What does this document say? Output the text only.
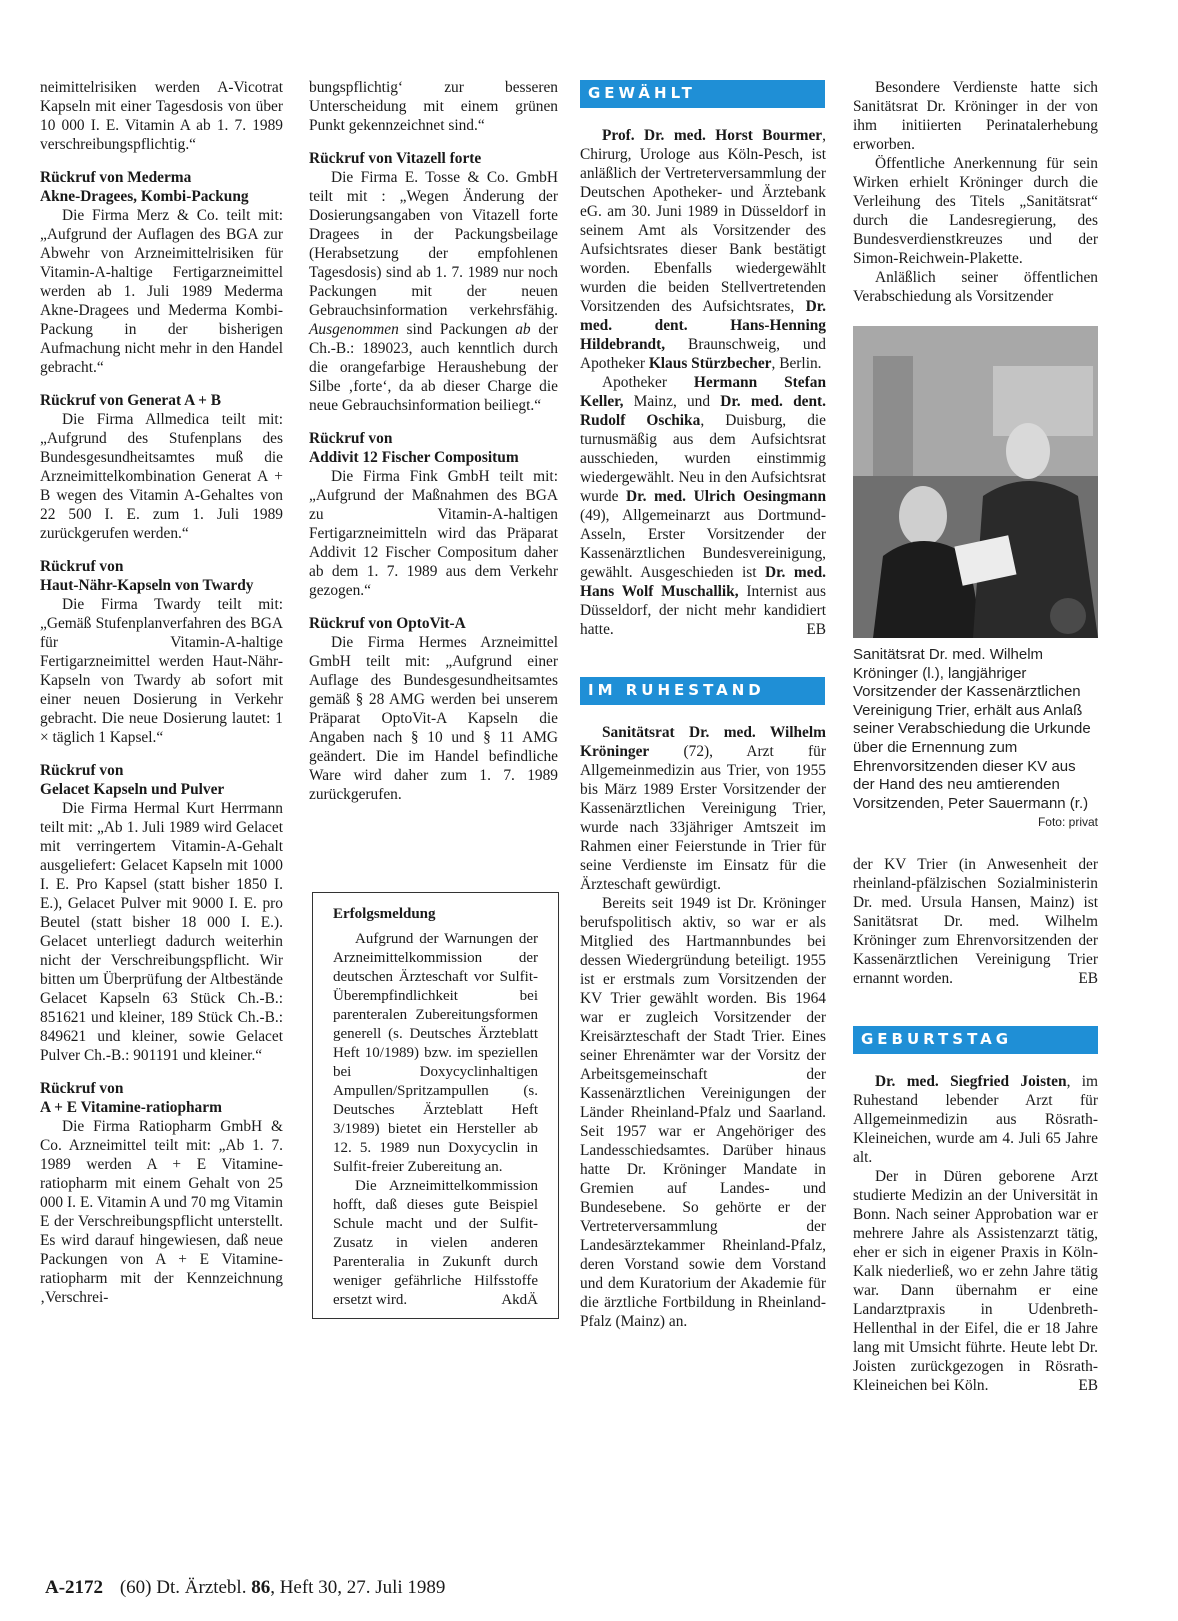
neimittelrisiken werden A-Vicotrat Kapseln mit einer Tagesdosis von über 10 000 I. E. Vitamin A ab 1. 7. 1989 verschreibungspflichtig.“

Rückruf von Mederma

Akne-Dragees, Kombi-Packung

Die Firma Merz & Co. teilt mit: „Aufgrund der Auflagen des BGA zur Abwehr von Arzneimittelrisiken für Vitamin-A-haltige Fertigarzneimittel werden ab 1. Juli 1989 Mederma Akne-Dragees und Mederma Kombi-Packung in der bisherigen Aufmachung nicht mehr in den Handel gebracht.“

Rückruf von Generat A + B

Die Firma Allmedica teilt mit: „Aufgrund des Stufenplans des Bundesgesundheitsamtes muß die Arzneimittelkombination Generat A + B wegen des Vitamin A-Gehaltes von 22 500 I. E. zum 1. Juli 1989 zurückgerufen werden.“

Rückruf von

Haut-Nähr-Kapseln von Twardy

Die Firma Twardy teilt mit: „Gemäß Stufenplanverfahren des BGA für Vitamin-A-haltige Fertigarzneimittel werden Haut-Nähr-Kapseln von Twardy ab sofort mit einer neuen Dosierung in Verkehr gebracht. Die neue Dosierung lautet: 1 × täglich 1 Kapsel.“

Rückruf von

Gelacet Kapseln und Pulver

Die Firma Hermal Kurt Herrmann teilt mit: „Ab 1. Juli 1989 wird Gelacet mit verringertem Vitamin-A-Gehalt ausgeliefert: Gelacet Kapseln mit 1000 I. E. Pro Kapsel (statt bisher 1850 I. E.), Gelacet Pulver mit 9000 I. E. pro Beutel (statt bisher 18 000 I. E.). Gelacet unterliegt dadurch weiterhin nicht der Verschreibungspflicht. Wir bitten um Überprüfung der Altbestände Gelacet Kapseln 63 Stück Ch.-B.: 851621 und kleiner, 189 Stück Ch.-B.: 849621 und kleiner, sowie Gelacet Pulver Ch.-B.: 901191 und kleiner.“

Rückruf von

A + E Vitamine-ratiopharm

Die Firma Ratiopharm GmbH & Co. Arzneimittel teilt mit: „Ab 1. 7. 1989 werden A + E Vitamine-ratiopharm mit einem Gehalt von 25 000 I. E. Vitamin A und 70 mg Vitamin E der Verschreibungspflicht unterstellt. Es wird darauf hingewiesen, daß neue Packungen von A + E Vitamine-ratiopharm mit der Kennzeichnung ‚Verschrei-

bungspflichtig‘ zur besseren Unterscheidung mit einem grünen Punkt gekennzeichnet sind.“

Rückruf von Vitazell forte

Die Firma E. Tosse & Co. GmbH teilt mit : „Wegen Änderung der Dosierungsangaben von Vitazell forte Dragees in der Packungsbeilage (Herabsetzung der empfohlenen Tagesdosis) sind ab 1. 7. 1989 nur noch Packungen mit der neuen Gebrauchsinformation verkehrsfähig. Ausgenommen sind Packungen ab der Ch.-B.: 189023, auch kenntlich durch die orangefarbige Heraushebung der Silbe ‚forte‘, da ab dieser Charge die neue Gebrauchsinformation beiliegt.“

Rückruf von

Addivit 12 Fischer Compositum

Die Firma Fink GmbH teilt mit: „Aufgrund der Maßnahmen des BGA zu Vitamin-A-haltigen Fertigarzneimitteln wird das Präparat Addivit 12 Fischer Compositum daher ab dem 1. 7. 1989 aus dem Verkehr gezogen.“

Rückruf von OptoVit-A

Die Firma Hermes Arzneimittel GmbH teilt mit: „Aufgrund einer Auflage des Bundesgesundheitsamtes gemäß § 28 AMG werden bei unserem Präparat OptoVit-A Kapseln die Angaben nach § 10 und § 11 AMG geändert. Die im Handel befindliche Ware wird daher zum 1. 7. 1989 zurückgerufen.

Erfolgsmeldung

Aufgrund der Warnungen der Arzneimittelkommission der deutschen Ärzteschaft vor Sulfit-Überempfindlichkeit bei parenteralen Zubereitungsformen generell (s. Deutsches Ärzteblatt Heft 10/1989) bzw. im speziellen bei Doxycyclinhaltigen Ampullen/Spritzampullen (s. Deutsches Ärzteblatt Heft 3/1989) bietet ein Hersteller ab 12. 5. 1989 nun Doxycyclin in Sulfit-freier Zubereitung an.

Die Arzneimittelkommission hofft, daß dieses gute Beispiel Schule macht und der Sulfit-Zusatz in vielen anderen Parenteralia in Zukunft durch weniger gefährliche Hilfsstoffe ersetzt wird.	AkdÄ

GEWÄHLT

Prof. Dr. med. Horst Bourmer, Chirurg, Urologe aus Köln-Pesch, ist anläßlich der Vertreterversammlung der Deutschen Apotheker- und Ärztebank eG. am 30. Juni 1989 in Düsseldorf in seinem Amt als Vorsitzender des Aufsichtsrates dieser Bank bestätigt worden. Ebenfalls wiedergewählt wurden die beiden Stellvertretenden Vorsitzenden des Aufsichtsrates, Dr. med. dent. Hans-Henning Hildebrandt, Braunschweig, und Apotheker Klaus Stürzbecher, Berlin.

Apotheker Hermann Stefan Keller, Mainz, und Dr. med. dent. Rudolf Oschika, Duisburg, die turnusmäßig aus dem Aufsichtsrat ausschieden, wurden einstimmig wiedergewählt. Neu in den Aufsichtsrat wurde Dr. med. Ulrich Oesingmann (49), Allgemeinarzt aus Dortmund-Asseln, Erster Vorsitzender der Kassenärztlichen Bundesvereinigung, gewählt. Ausgeschieden ist Dr. med. Hans Wolf Muschallik, Internist aus Düsseldorf, der nicht mehr kandidiert hatte.	EB

IM RUHESTAND

Sanitätsrat Dr. med. Wilhelm Kröninger (72), Arzt für Allgemeinmedizin aus Trier, von 1955 bis März 1989 Erster Vorsitzender der Kassenärztlichen Vereinigung Trier, wurde nach 33jähriger Amtszeit im Rahmen einer Feierstunde in Trier für seine Verdienste im Einsatz für die Ärzteschaft gewürdigt.

Bereits seit 1949 ist Dr. Kröninger berufspolitisch aktiv, so war er als Mitglied des Hartmannbundes bei dessen Wiedergründung beteiligt. 1955 ist er erstmals zum Vorsitzenden der KV Trier gewählt worden. Bis 1964 war er zugleich Vorsitzender der Kreisärzteschaft der Stadt Trier. Eines seiner Ehrenämter war der Vorsitz der Arbeitsgemeinschaft der Kassenärztlichen Vereinigungen der Länder Rheinland-Pfalz und Saarland. Seit 1957 war er Angehöriger des Landesschiedsamtes. Darüber hinaus hatte Dr. Kröninger Mandate in Gremien auf Landes- und Bundesebene. So gehörte er der Vertreterversammlung der Landesärztekammer Rheinland-Pfalz, deren Vorstand sowie dem Vorstand und dem Kuratorium der Akademie für die ärztliche Fortbildung in Rheinland-Pfalz (Mainz) an.

Besondere Verdienste hatte sich Sanitätsrat Dr. Kröninger in der von ihm initiierten Perinatalerhebung erworben.

Öffentliche Anerkennung für sein Wirken erhielt Kröninger durch die Verleihung des Titels „Sanitätsrat“ durch die Landesregierung, des Bundesverdienstkreuzes und der Simon-Reichwein-Plakette.

Anläßlich seiner öffentlichen Verabschiedung als Vorsitzender

Sanitätsrat Dr. med. Wilhelm Kröninger (l.), langjähriger Vorsitzender der Kassenärztlichen Vereinigung Trier, erhält aus Anlaß seiner Verabschiedung die Urkunde über die Ernennung zum Ehrenvorsitzenden dieser KV aus der Hand des neu amtierenden Vorsitzenden, Peter Sauermann (r.)
Foto: privat

der KV Trier (in Anwesenheit der rheinland-pfälzischen Sozialministerin Dr. med. Ursula Hansen, Mainz) ist Sanitätsrat Dr. med. Wilhelm Kröninger zum Ehrenvorsitzenden der Kassenärztlichen Vereinigung Trier ernannt worden.	EB

GEBURTSTAG

Dr. med. Siegfried Joisten, im Ruhestand lebender Arzt für Allgemeinmedizin aus Rösrath-Kleineichen, wurde am 4. Juli 65 Jahre alt.

Der in Düren geborene Arzt studierte Medizin an der Universität in Bonn. Nach seiner Approbation war er mehrere Jahre als Assistenzarzt tätig, eher er sich in eigener Praxis in Köln-Kalk niederließ, wo er zehn Jahre tätig war. Dann übernahm er eine Landarztpraxis in Udenbreth-Hellenthal in der Eifel, die er 18 Jahre lang mit Umsicht führte. Heute lebt Dr. Joisten zurückgezogen in Rösrath-Kleineichen bei Köln.	EB

A-2172 (60) Dt. Ärztebl. 86, Heft 30, 27. Juli 1989
